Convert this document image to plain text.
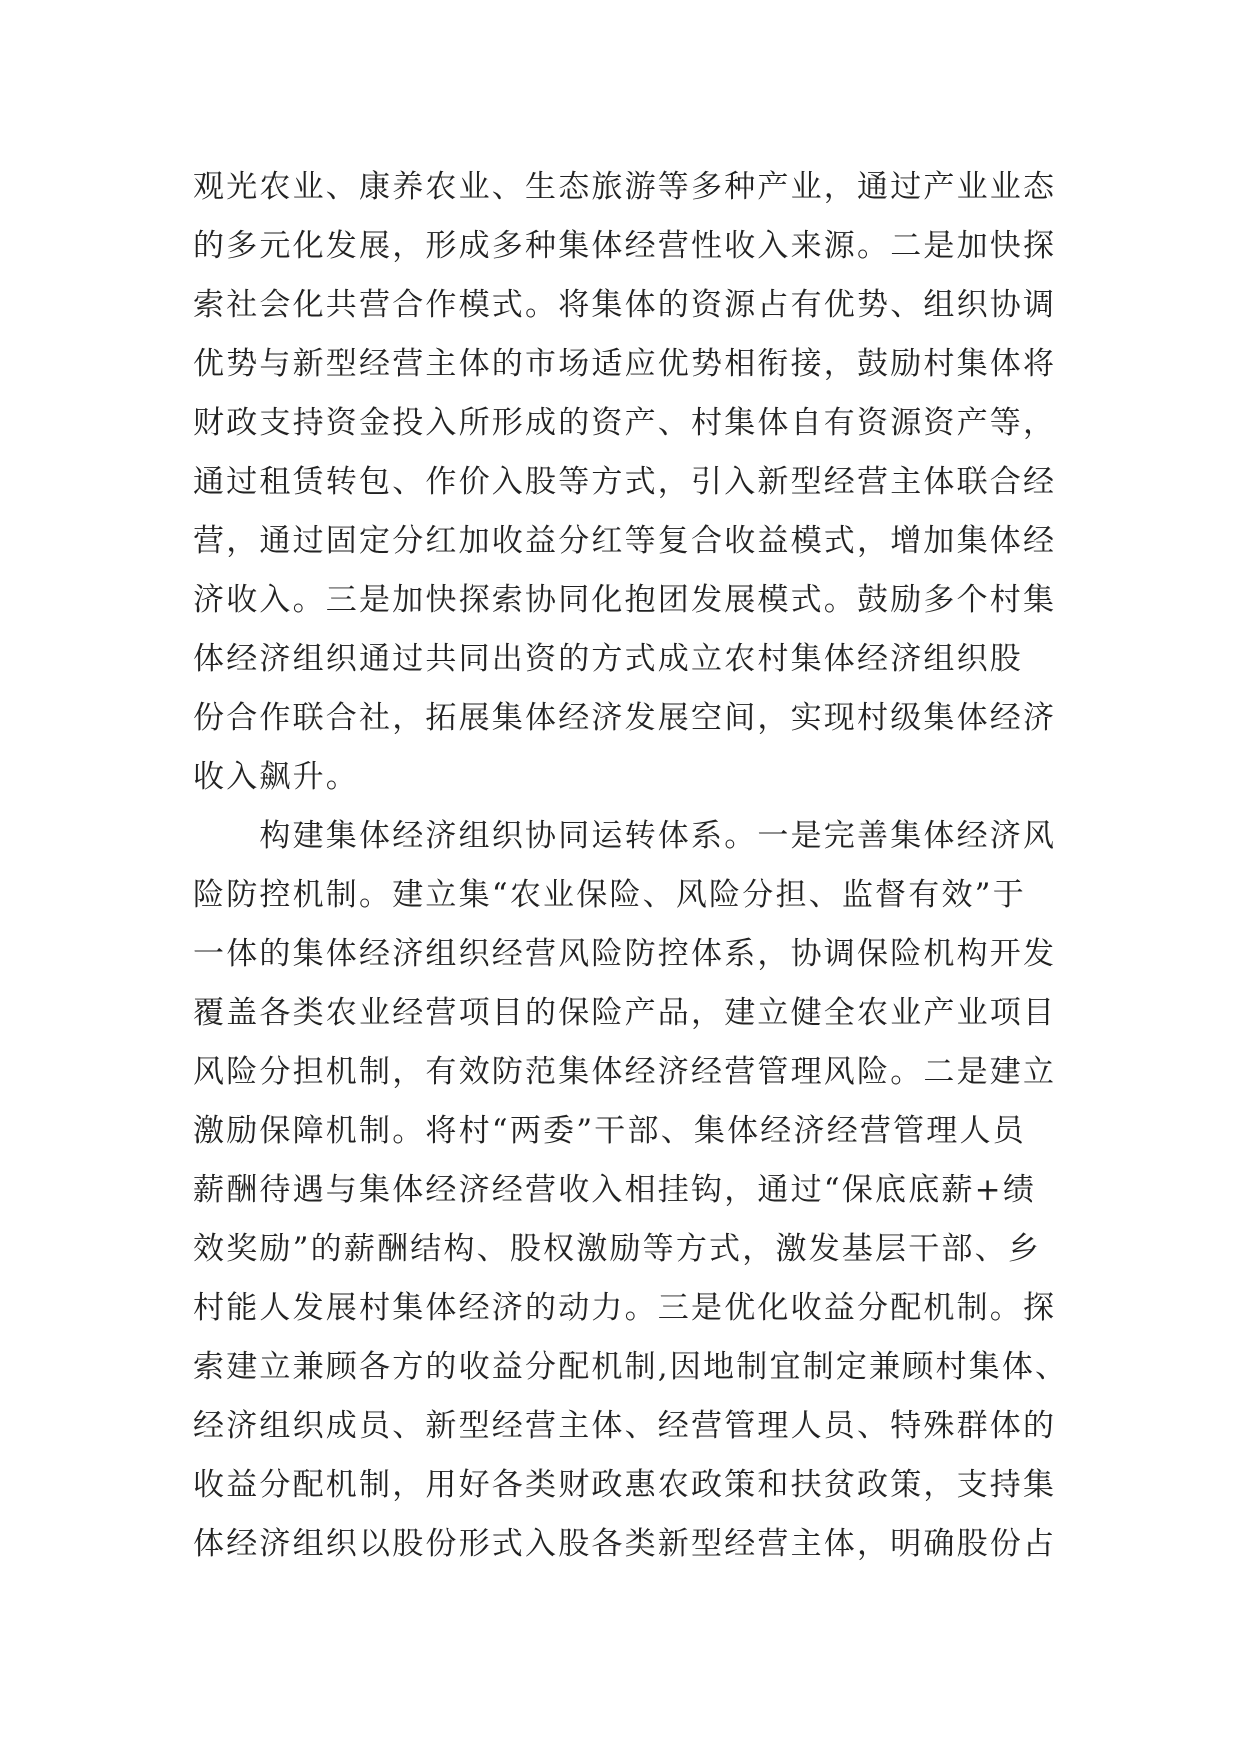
观光农业、康养农业、生态旅游等多种产业，通过产业业态
的多元化发展，形成多种集体经营性收入来源。二是加快探
索社会化共营合作模式。将集体的资源占有优势、组织协调
优势与新型经营主体的市场适应优势相衔接，鼓励村集体将
财政支持资金投入所形成的资产、村集体自有资源资产等，
通过租赁转包、作价入股等方式，引入新型经营主体联合经
营，通过固定分红加收益分红等复合收益模式，增加集体经
济收入。三是加快探索协同化抱团发展模式。鼓励多个村集
体经济组织通过共同出资的方式成立农村集体经济组织股
份合作联合社，拓展集体经济发展空间，实现村级集体经济
收入飙升。
　　构建集体经济组织协同运转体系。一是完善集体经济风
险防控机制。建立集“农业保险、风险分担、监督有效”于
一体的集体经济组织经营风险防控体系，协调保险机构开发
覆盖各类农业经营项目的保险产品，建立健全农业产业项目
风险分担机制，有效防范集体经济经营管理风险。二是建立
激励保障机制。将村“两委”干部、集体经济经营管理人员
薪酬待遇与集体经济经营收入相挂钩，通过“保底底薪+绩
效奖励”的薪酬结构、股权激励等方式，激发基层干部、乡
村能人发展村集体经济的动力。三是优化收益分配机制。探
索建立兼顾各方的收益分配机制,因地制宜制定兼顾村集体、
经济组织成员、新型经营主体、经营管理人员、特殊群体的
收益分配机制，用好各类财政惠农政策和扶贫政策，支持集
体经济组织以股份形式入股各类新型经营主体，明确股份占
